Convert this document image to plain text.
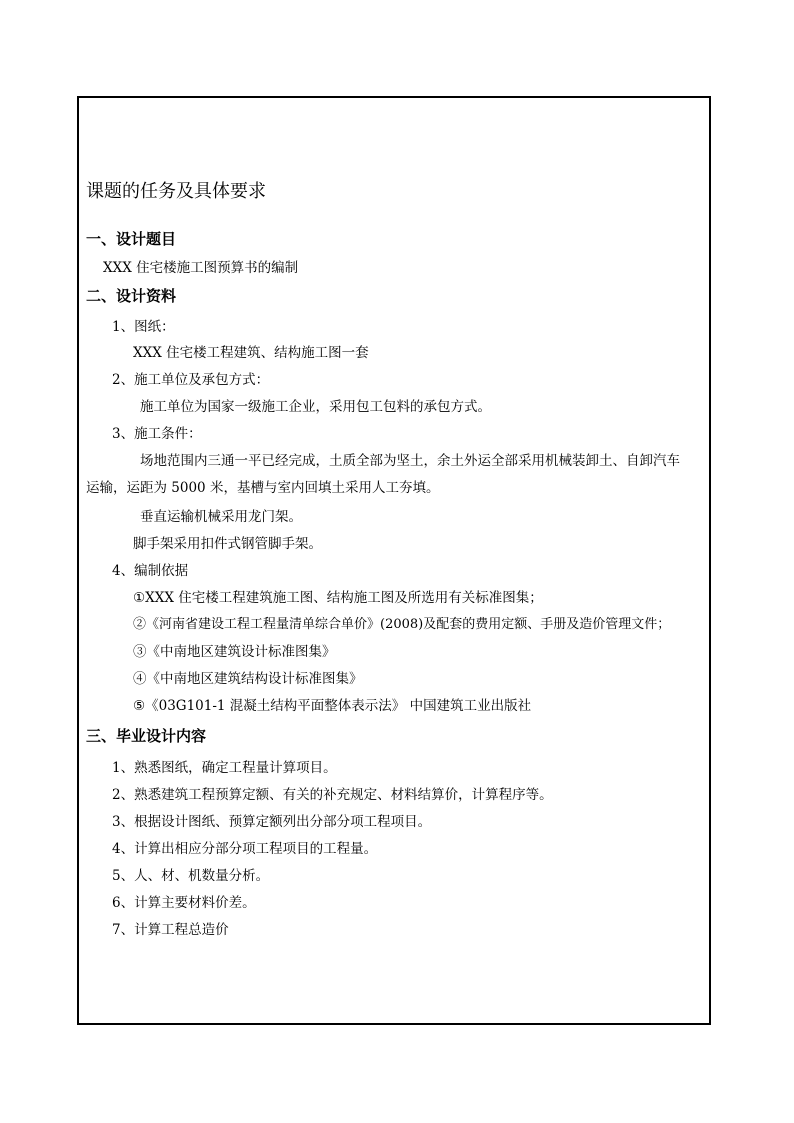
课题的任务及具体要求
一、设计题目
XXX 住宅楼施工图预算书的编制
二、设计资料
1、图纸：
XXX 住宅楼工程建筑、结构施工图一套
2、施工单位及承包方式：
施工单位为国家一级施工企业，采用包工包料的承包方式。
3、施工条件：
场地范围内三通一平已经完成，土质全部为坚土，余土外运全部采用机械装卸土、自卸汽车
运输，运距为 5000 米，基槽与室内回填土采用人工夯填。
垂直运输机械采用龙门架。
脚手架采用扣件式钢管脚手架。
4、编制依据
①XXX 住宅楼工程建筑施工图、结构施工图及所选用有关标准图集；
②《河南省建设工程工程量清单综合单价》(2008)及配套的费用定额、手册及造价管理文件；
③《中南地区建筑设计标准图集》
④《中南地区建筑结构设计标准图集》
⑤《03G101-1 混凝土结构平面整体表示法》 中国建筑工业出版社
三、毕业设计内容
1、熟悉图纸，确定工程量计算项目。
2、熟悉建筑工程预算定额、有关的补充规定、材料结算价，计算程序等。
3、根据设计图纸、预算定额列出分部分项工程项目。
4、计算出相应分部分项工程项目的工程量。
5、人、材、机数量分析。
6、计算主要材料价差。
7、计算工程总造价
